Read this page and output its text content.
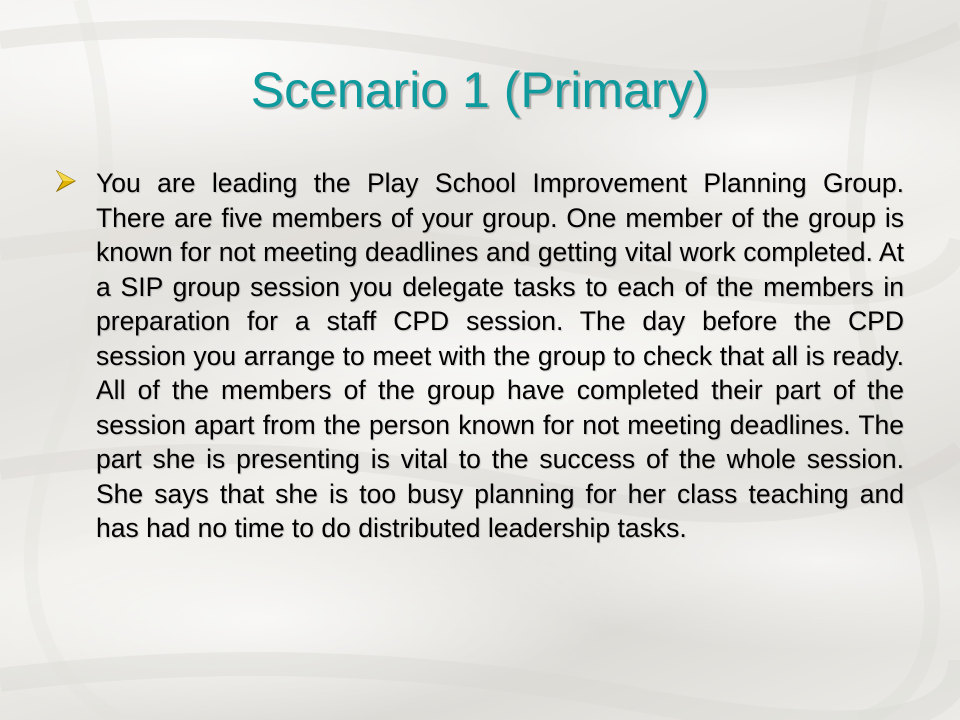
Scenario 1 (Primary)
You are leading the Play School Improvement Planning Group. There are five members of your group. One member of the group is known for not meeting deadlines and getting vital work completed. At a SIP group session you delegate tasks to each of the members in preparation for a staff CPD session. The day before the CPD session you arrange to meet with the group to check that all is ready. All of the members of the group have completed their part of the session apart from the person known for not meeting deadlines. The part she is presenting is vital to the success of the whole session. She says that she is too busy planning for her class teaching and has had no time to do distributed leadership tasks.
